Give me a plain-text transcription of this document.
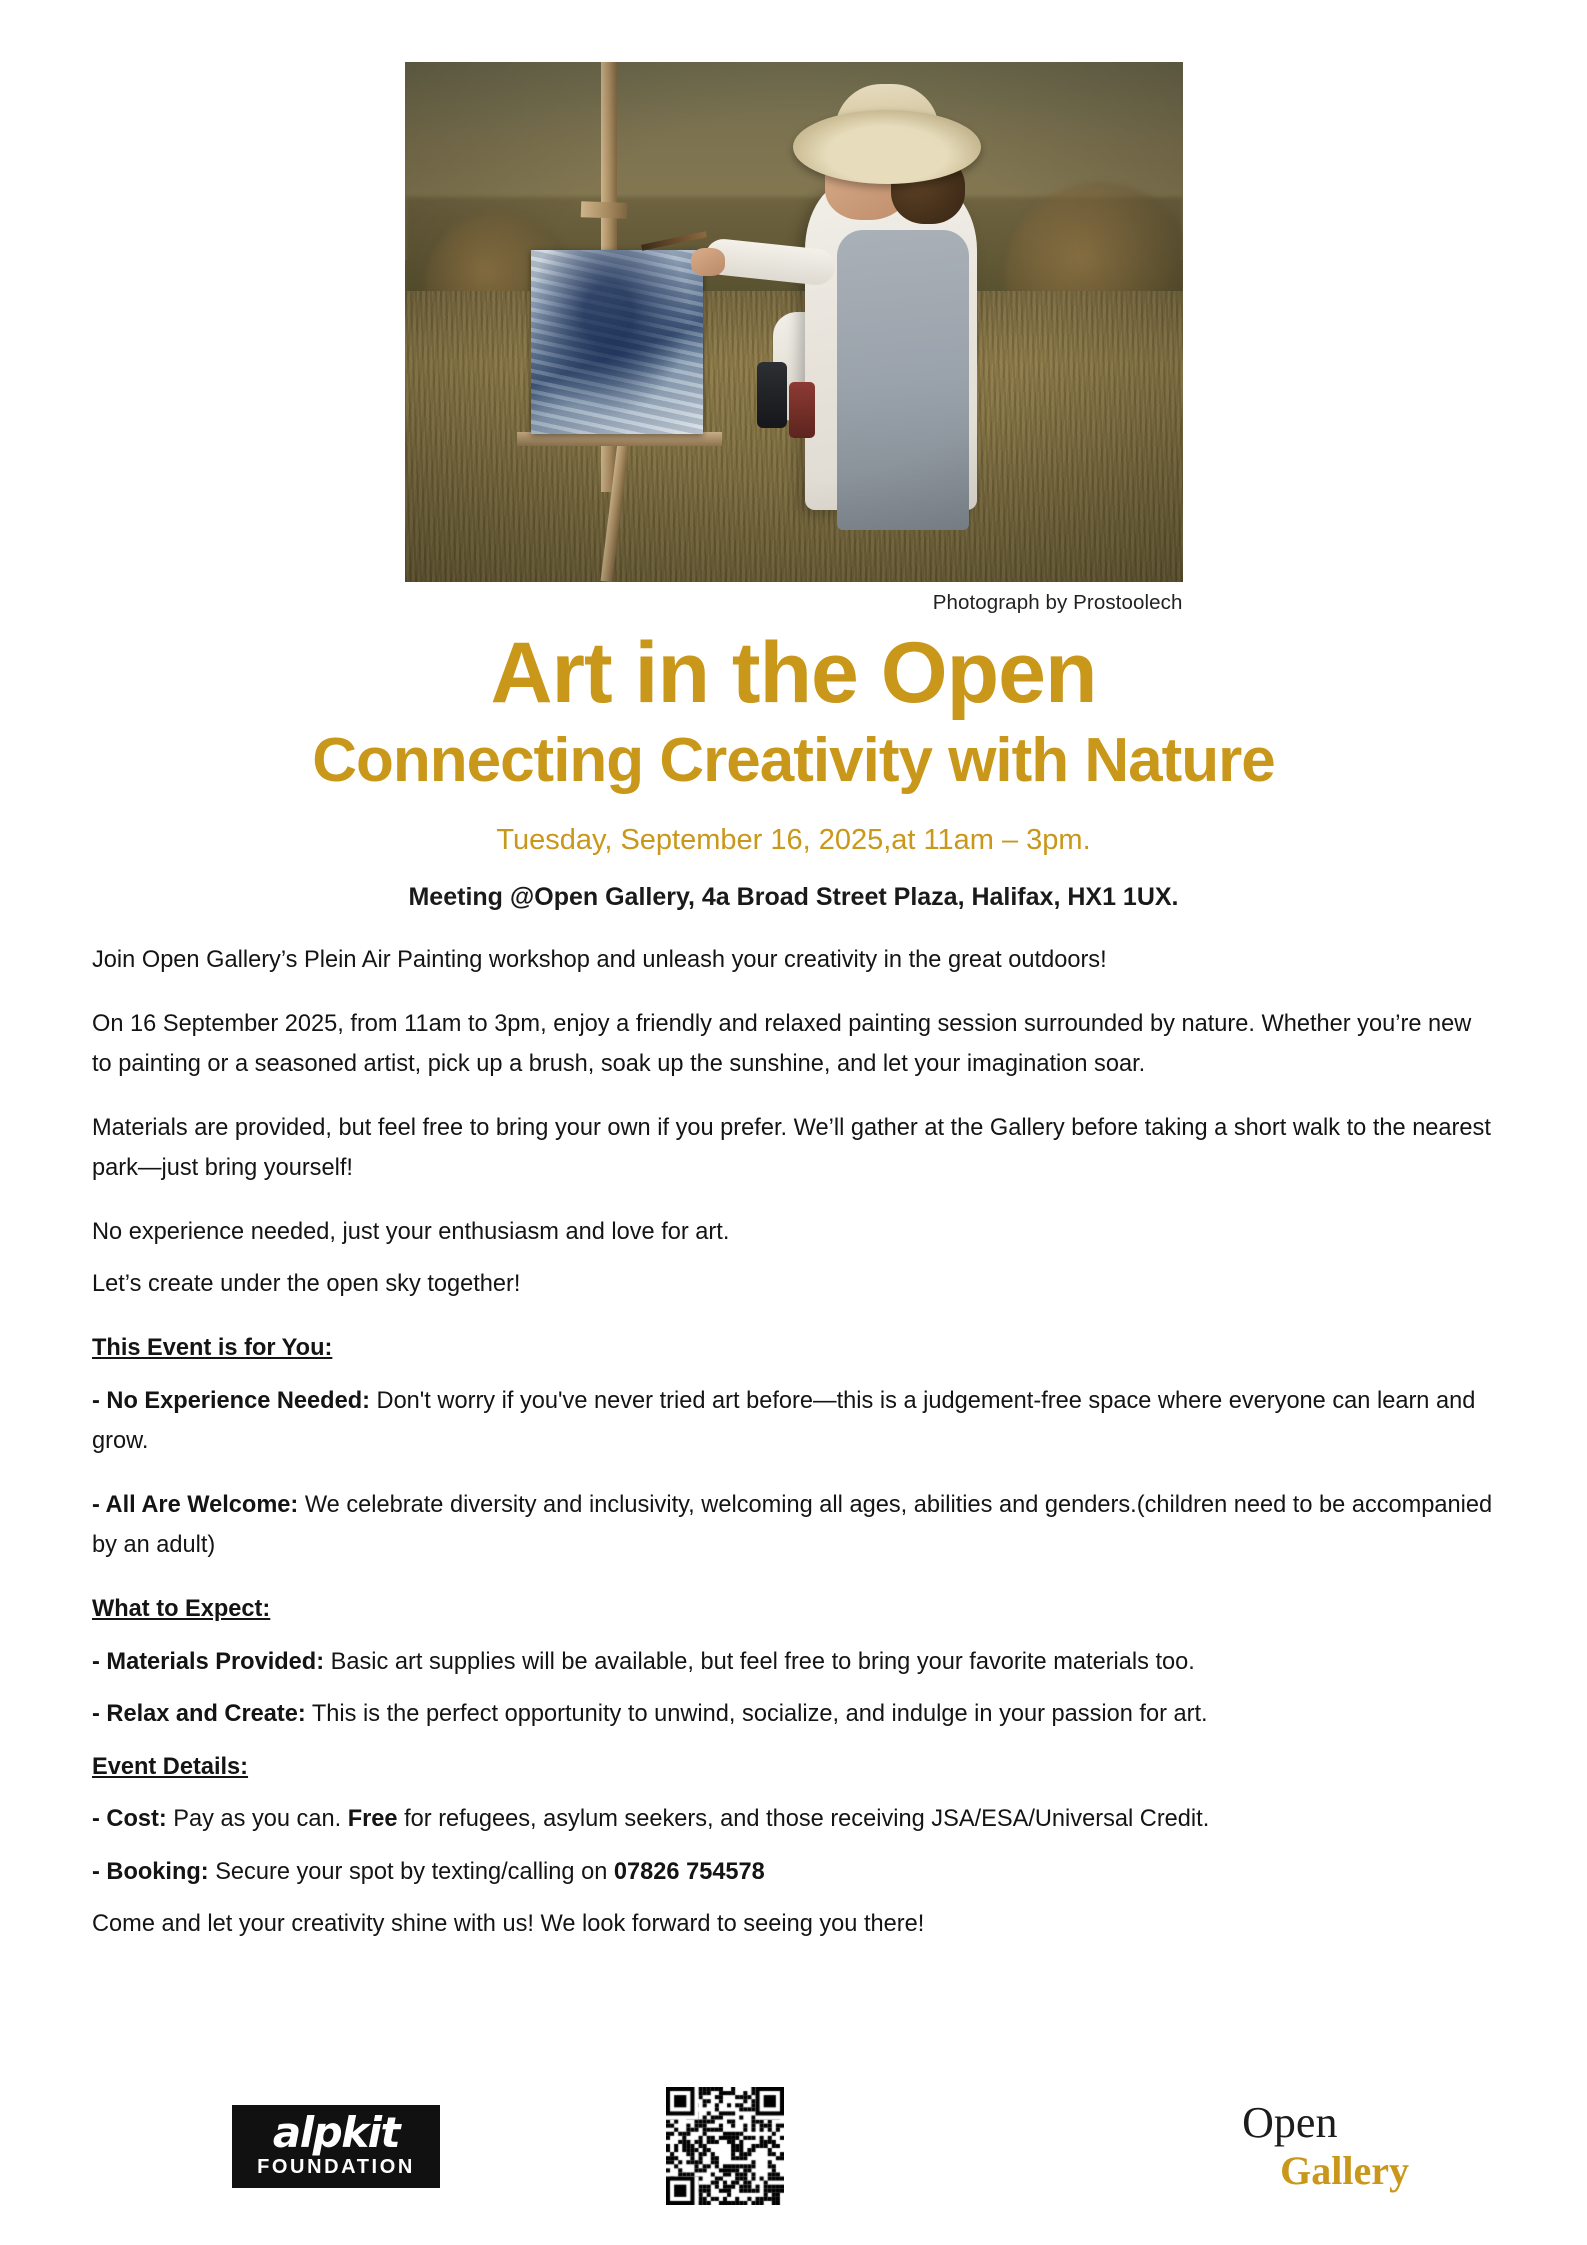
Photograph by Prostoolech
Art in the Open
Connecting Creativity with Nature
Tuesday, September 16, 2025,at 11am – 3pm.
Meeting @Open Gallery, 4a Broad Street Plaza, Halifax, HX1 1UX.

Join Open Gallery’s Plein Air Painting workshop and unleash your creativity in the great outdoors!

On 16 September 2025, from 11am to 3pm, enjoy a friendly and relaxed painting session surrounded by nature. Whether you’re new to painting or a seasoned artist, pick up a brush, soak up the sunshine, and let your imagination soar.

Materials are provided, but feel free to bring your own if you prefer. We’ll gather at the Gallery before taking a short walk to the nearest park—just bring yourself!

No experience needed, just your enthusiasm and love for art.

Let’s create under the open sky together!

This Event is for You:

- No Experience Needed: Don't worry if you've never tried art before—this is a judgement-free space where everyone can learn and grow.

- All Are Welcome: We celebrate diversity and inclusivity, welcoming all ages, abilities and genders.(children need to be accompanied by an adult)

What to Expect:

- Materials Provided: Basic art supplies will be available, but feel free to bring your favorite materials too.

- Relax and Create: This is the perfect opportunity to unwind, socialize, and indulge in your passion for art.

Event Details:

- Cost: Pay as you can. Free for refugees, asylum seekers, and those receiving JSA/ESA/Universal Credit.

- Booking: Secure your spot by texting/calling on 07826 754578

Come and let your creativity shine with us! We look forward to seeing you there!

alpkit
FOUNDATION
Open
Gallery
